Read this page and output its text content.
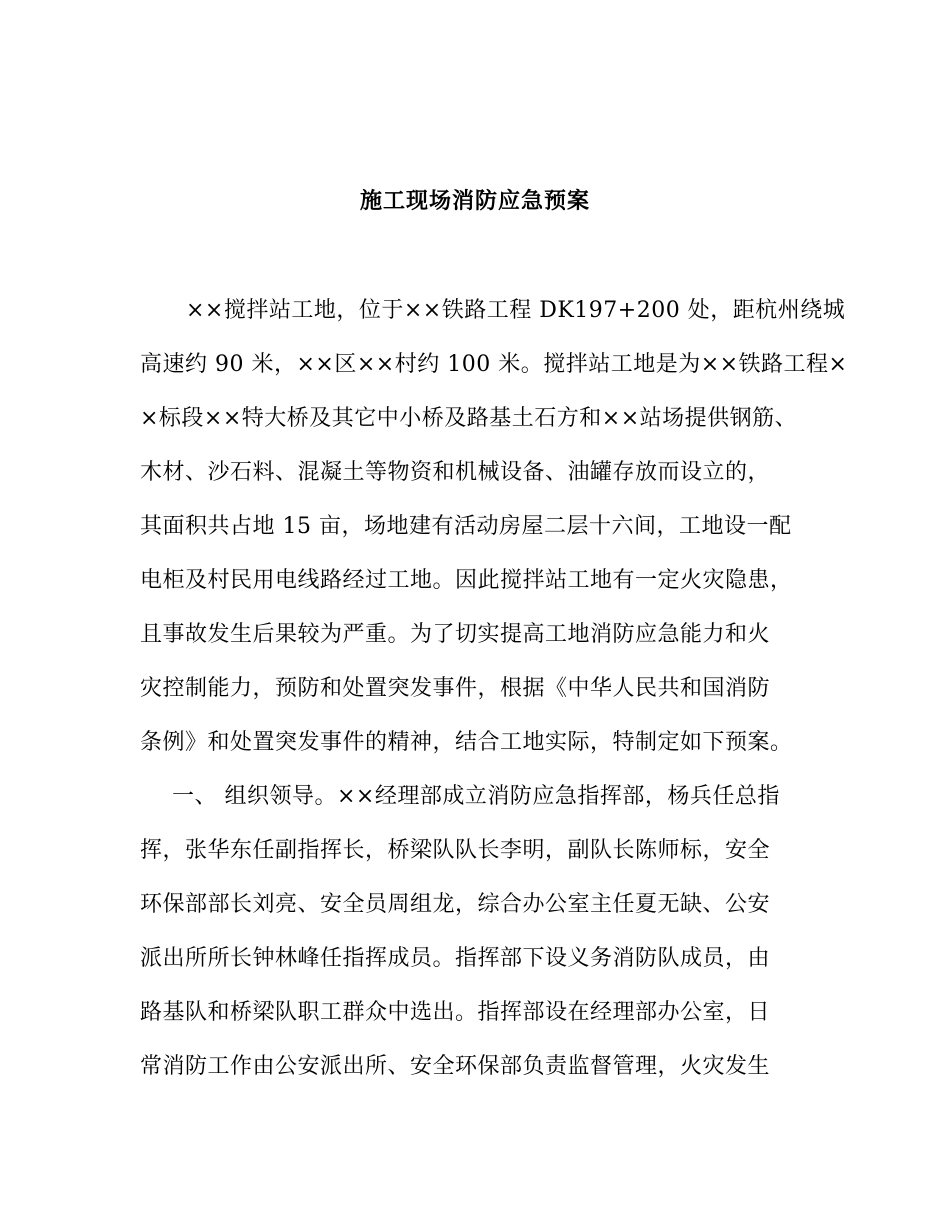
施工现场消防应急预案
××搅拌站工地，位于××铁路工程 DK197+200 处，距杭州绕城
高速约 90 米，××区××村约 100 米。搅拌站工地是为××铁路工程×
×标段××特大桥及其它中小桥及路基土石方和××站场提供钢筋、
木材、沙石料、混凝土等物资和机械设备、油罐存放而设立的，
其面积共占地 15 亩，场地建有活动房屋二层十六间，工地设一配
电柜及村民用电线路经过工地。因此搅拌站工地有一定火灾隐患，
且事故发生后果较为严重。为了切实提高工地消防应急能力和火
灾控制能力，预防和处置突发事件，根据《中华人民共和国消防
条例》和处置突发事件的精神，结合工地实际，特制定如下预案。
一、 组织领导。××经理部成立消防应急指挥部，杨兵任总指
挥，张华东任副指挥长，桥梁队队长李明，副队长陈师标，安全
环保部部长刘亮、安全员周组龙，综合办公室主任夏无缺、公安
派出所所长钟林峰任指挥成员。指挥部下设义务消防队成员，由
路基队和桥梁队职工群众中选出。指挥部设在经理部办公室，日
常消防工作由公安派出所、安全环保部负责监督管理，火灾发生
